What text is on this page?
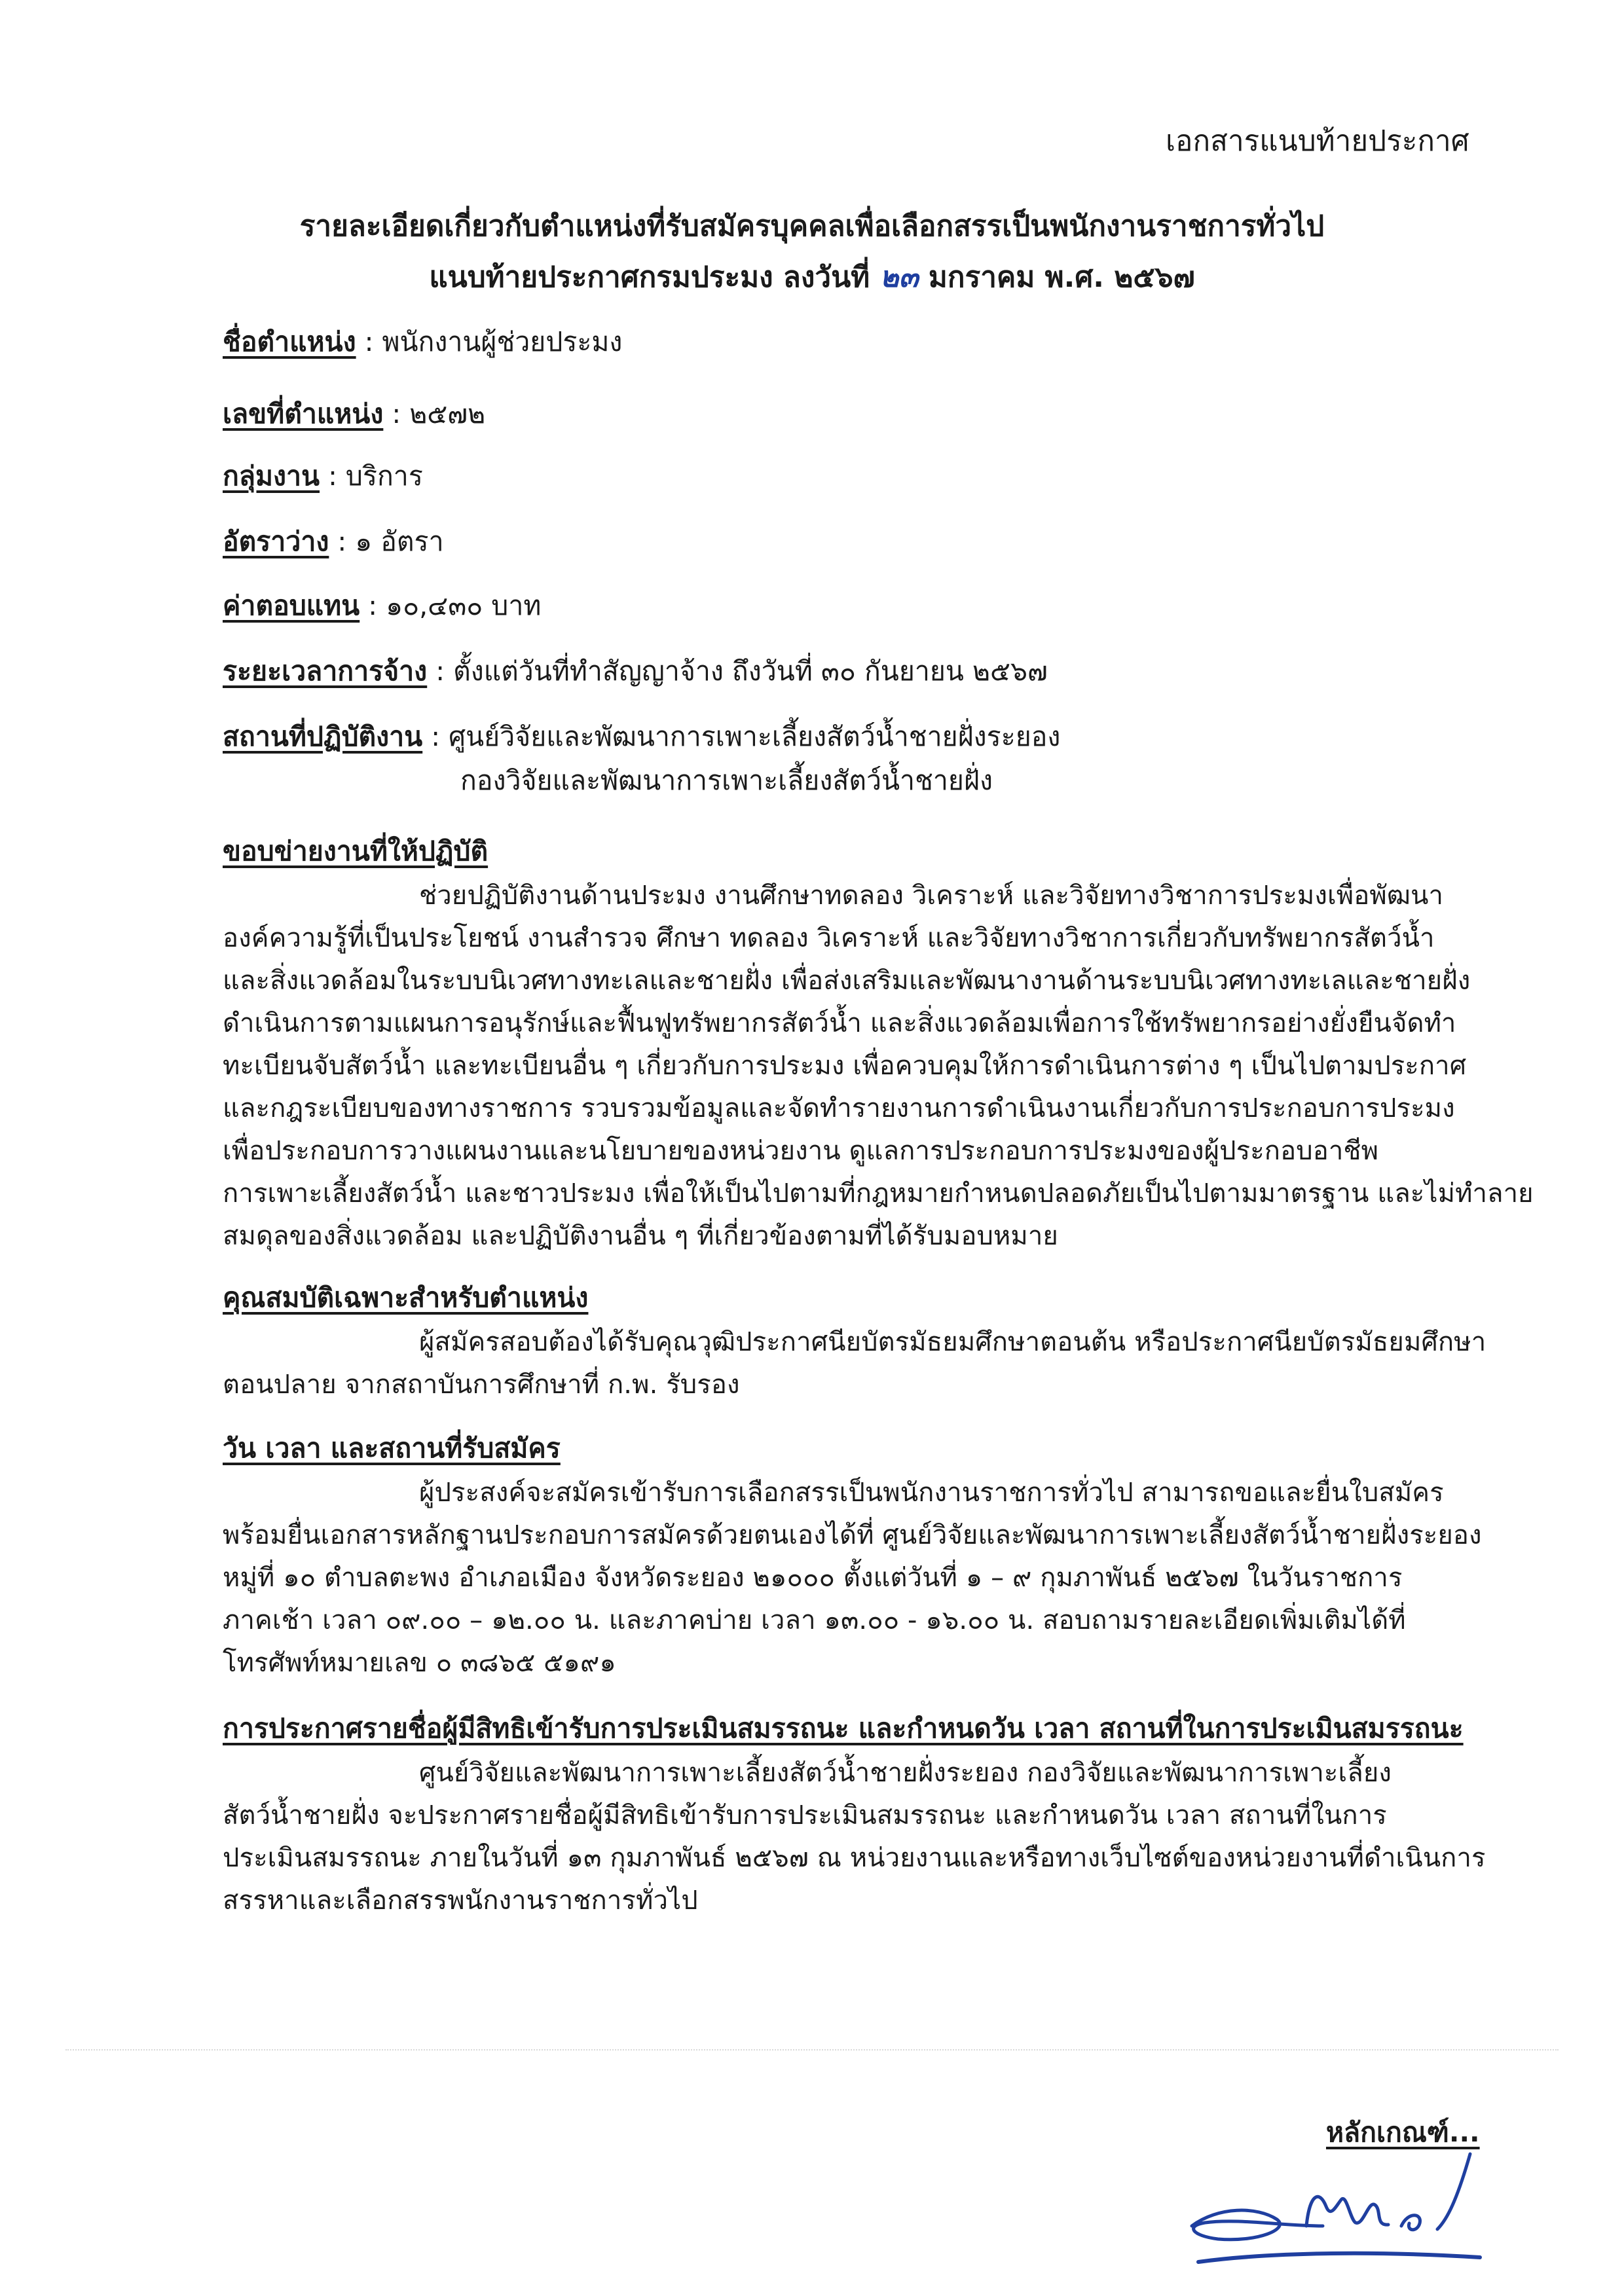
เอกสารแนบท้ายประกาศ
รายละเอียดเกี่ยวกับตำแหน่งที่รับสมัครบุคคลเพื่อเลือกสรรเป็นพนักงานราชการทั่วไป
แนบท้ายประกาศกรมประมง ลงวันที่ ๒๓ มกราคม พ.ศ. ๒๕๖๗
ชื่อตำแหน่ง : พนักงานผู้ช่วยประมง
เลขที่ตำแหน่ง : ๒๕๗๒
กลุ่มงาน : บริการ
อัตราว่าง : ๑ อัตรา
ค่าตอบแทน : ๑๐,๔๓๐ บาท
ระยะเวลาการจ้าง : ตั้งแต่วันที่ทำสัญญาจ้าง ถึงวันที่ ๓๐ กันยายน ๒๕๖๗
สถานที่ปฏิบัติงาน : ศูนย์วิจัยและพัฒนาการเพาะเลี้ยงสัตว์น้ำชายฝั่งระยอง
กองวิจัยและพัฒนาการเพาะเลี้ยงสัตว์น้ำชายฝั่ง
ขอบข่ายงานที่ให้ปฏิบัติ
ช่วยปฏิบัติงานด้านประมง งานศึกษาทดลอง วิเคราะห์ และวิจัยทางวิชาการประมงเพื่อพัฒนา
องค์ความรู้ที่เป็นประโยชน์ งานสำรวจ ศึกษา ทดลอง วิเคราะห์ และวิจัยทางวิชาการเกี่ยวกับทรัพยากรสัตว์น้ำ
และสิ่งแวดล้อมในระบบนิเวศทางทะเลและชายฝั่ง เพื่อส่งเสริมและพัฒนางานด้านระบบนิเวศทางทะเลและชายฝั่ง
ดำเนินการตามแผนการอนุรักษ์และฟื้นฟูทรัพยากรสัตว์น้ำ และสิ่งแวดล้อมเพื่อการใช้ทรัพยากรอย่างยั่งยืนจัดทำ
ทะเบียนจับสัตว์น้ำ และทะเบียนอื่น ๆ เกี่ยวกับการประมง เพื่อควบคุมให้การดำเนินการต่าง ๆ เป็นไปตามประกาศ
และกฎระเบียบของทางราชการ รวบรวมข้อมูลและจัดทำรายงานการดำเนินงานเกี่ยวกับการประกอบการประมง
เพื่อประกอบการวางแผนงานและนโยบายของหน่วยงาน ดูแลการประกอบการประมงของผู้ประกอบอาชีพ
การเพาะเลี้ยงสัตว์น้ำ และชาวประมง เพื่อให้เป็นไปตามที่กฎหมายกำหนดปลอดภัยเป็นไปตามมาตรฐาน และไม่ทำลาย
สมดุลของสิ่งแวดล้อม และปฏิบัติงานอื่น ๆ ที่เกี่ยวข้องตามที่ได้รับมอบหมาย
คุณสมบัติเฉพาะสำหรับตำแหน่ง
ผู้สมัครสอบต้องได้รับคุณวุฒิประกาศนียบัตรมัธยมศึกษาตอนต้น หรือประกาศนียบัตรมัธยมศึกษา
ตอนปลาย จากสถาบันการศึกษาที่ ก.พ. รับรอง
วัน เวลา และสถานที่รับสมัคร
ผู้ประสงค์จะสมัครเข้ารับการเลือกสรรเป็นพนักงานราชการทั่วไป สามารถขอและยื่นใบสมัคร
พร้อมยื่นเอกสารหลักฐานประกอบการสมัครด้วยตนเองได้ที่ ศูนย์วิจัยและพัฒนาการเพาะเลี้ยงสัตว์น้ำชายฝั่งระยอง
หมู่ที่ ๑๐ ตำบลตะพง อำเภอเมือง จังหวัดระยอง ๒๑๐๐๐ ตั้งแต่วันที่ ๑ – ๙ กุมภาพันธ์ ๒๕๖๗ ในวันราชการ
ภาคเช้า เวลา ๐๙.๐๐ – ๑๒.๐๐ น. และภาคบ่าย เวลา ๑๓.๐๐ - ๑๖.๐๐ น. สอบถามรายละเอียดเพิ่มเติมได้ที่
โทรศัพท์หมายเลข ๐ ๓๘๖๕ ๕๑๙๑
การประกาศรายชื่อผู้มีสิทธิเข้ารับการประเมินสมรรถนะ และกำหนดวัน เวลา สถานที่ในการประเมินสมรรถนะ
ศูนย์วิจัยและพัฒนาการเพาะเลี้ยงสัตว์น้ำชายฝั่งระยอง กองวิจัยและพัฒนาการเพาะเลี้ยง
สัตว์น้ำชายฝั่ง จะประกาศรายชื่อผู้มีสิทธิเข้ารับการประเมินสมรรถนะ และกำหนดวัน เวลา สถานที่ในการ
ประเมินสมรรถนะ ภายในวันที่ ๑๓ กุมภาพันธ์ ๒๕๖๗ ณ หน่วยงานและหรือทางเว็บไซต์ของหน่วยงานที่ดำเนินการ
สรรหาและเลือกสรรพนักงานราชการทั่วไป
หลักเกณฑ์...
